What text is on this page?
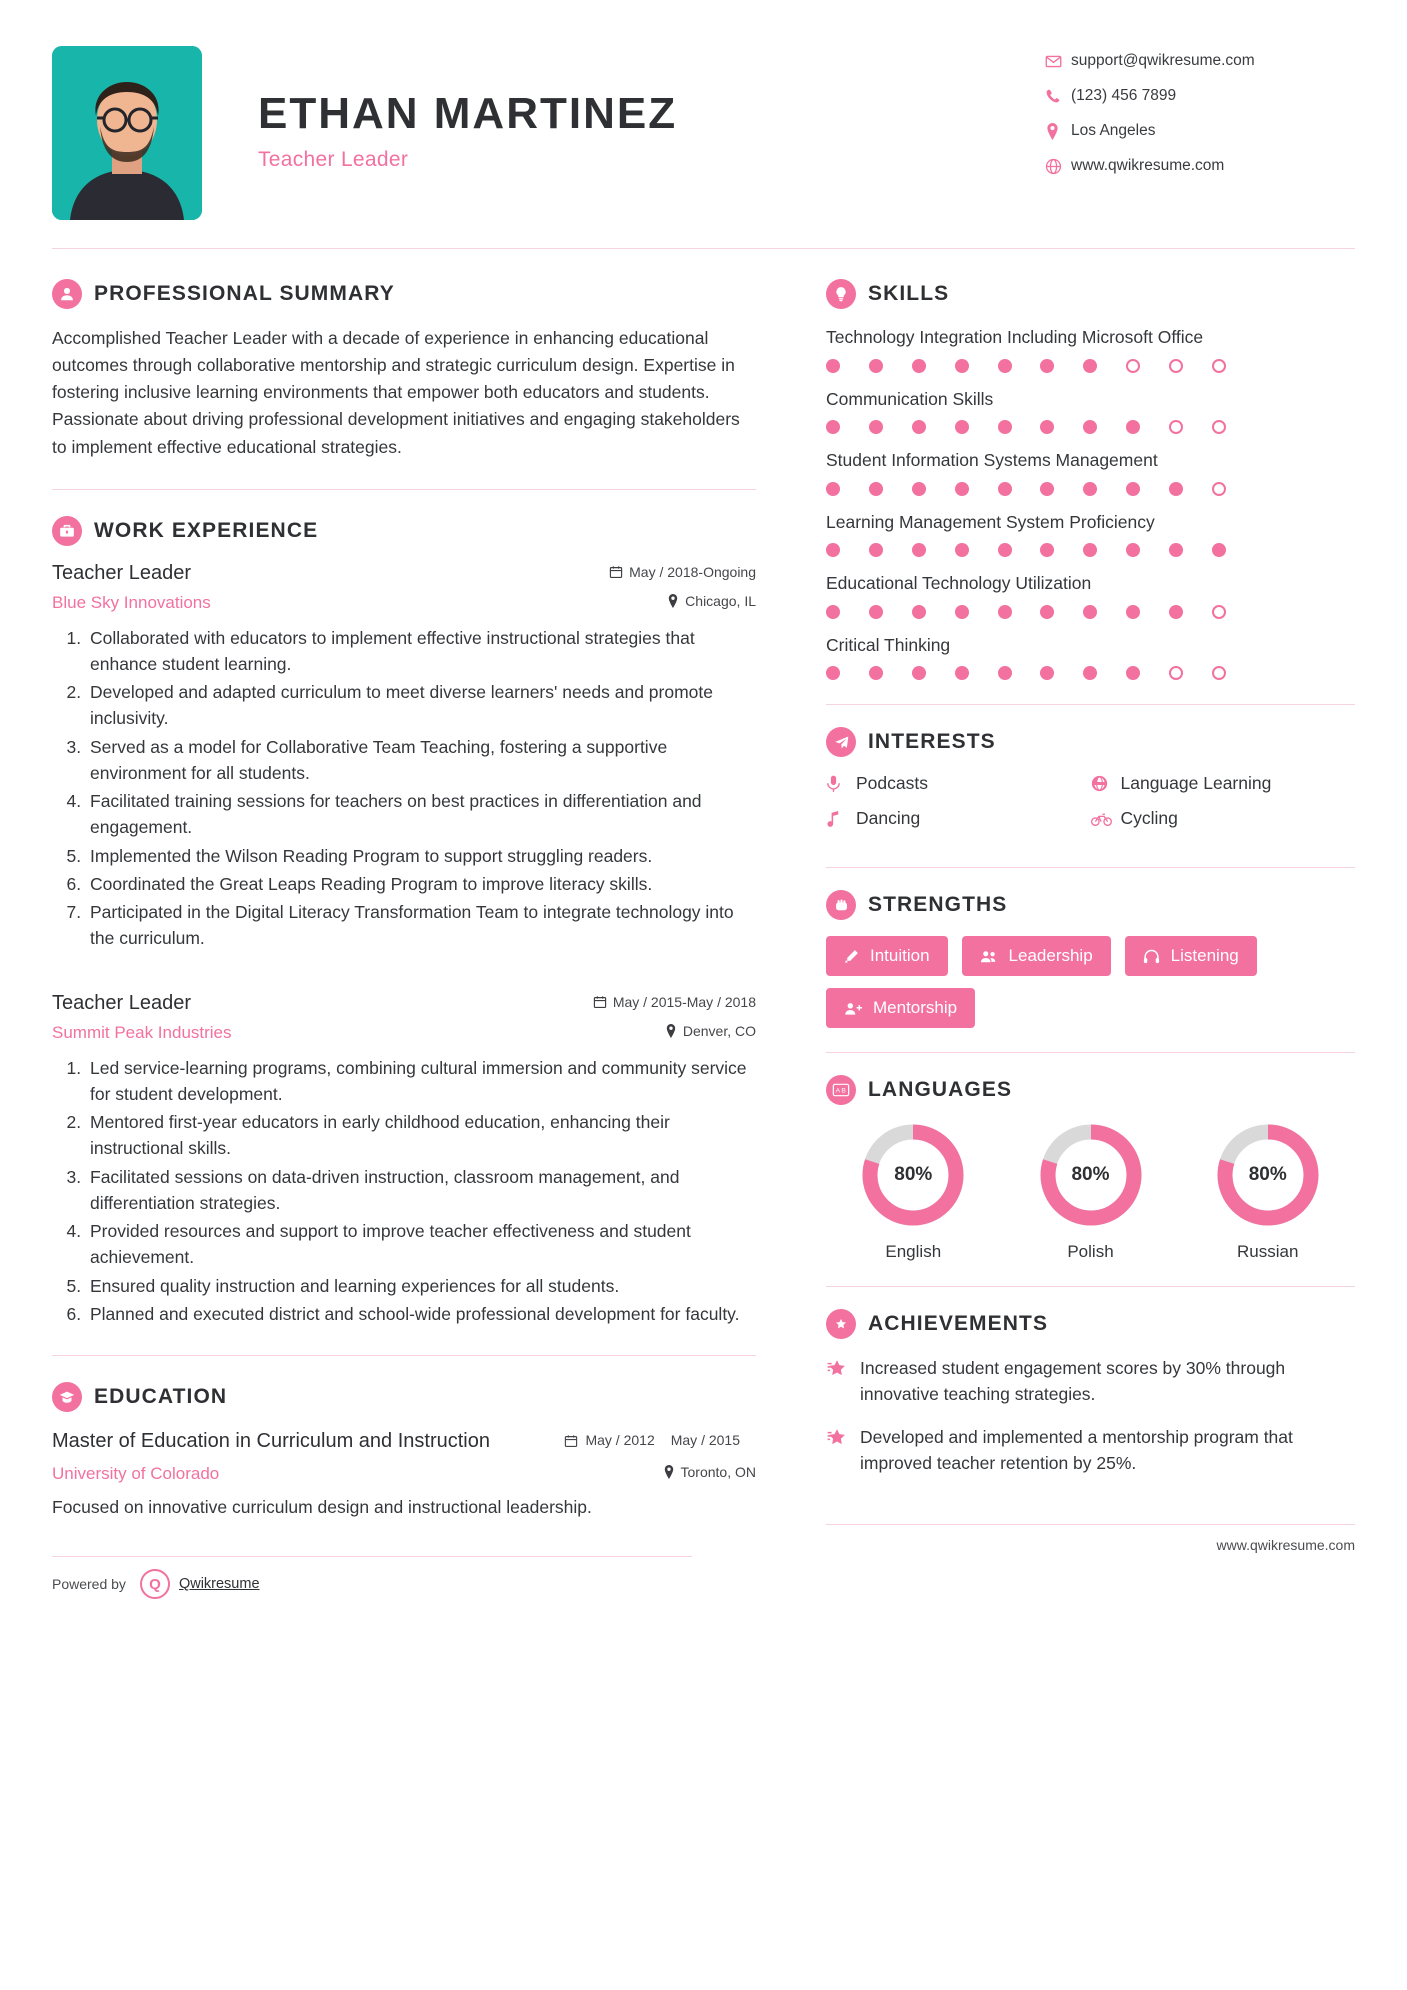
ETHAN MARTINEZ
Teacher Leader
support@qwikresume.com
(123) 456 7899
Los Angeles
www.qwikresume.com
PROFESSIONAL SUMMARY
Accomplished Teacher Leader with a decade of experience in enhancing educational outcomes through collaborative mentorship and strategic curriculum design. Expertise in fostering inclusive learning environments that empower both educators and students. Passionate about driving professional development initiatives and engaging stakeholders to implement effective educational strategies.
WORK EXPERIENCE
Teacher Leader	May / 2018-Ongoing
Blue Sky Innovations	Chicago, IL
1. Collaborated with educators to implement effective instructional strategies that enhance student learning.
2. Developed and adapted curriculum to meet diverse learners' needs and promote inclusivity.
3. Served as a model for Collaborative Team Teaching, fostering a supportive environment for all students.
4. Facilitated training sessions for teachers on best practices in differentiation and engagement.
5. Implemented the Wilson Reading Program to support struggling readers.
6. Coordinated the Great Leaps Reading Program to improve literacy skills.
7. Participated in the Digital Literacy Transformation Team to integrate technology into the curriculum.
Teacher Leader	May / 2015-May / 2018
Summit Peak Industries	Denver, CO
1. Led service-learning programs, combining cultural immersion and community service for student development.
2. Mentored first-year educators in early childhood education, enhancing their instructional skills.
3. Facilitated sessions on data-driven instruction, classroom management, and differentiation strategies.
4. Provided resources and support to improve teacher effectiveness and student achievement.
5. Ensured quality instruction and learning experiences for all students.
6. Planned and executed district and school-wide professional development for faculty.
EDUCATION
Master of Education in Curriculum and Instruction	May / 2012 May / 2015
University of Colorado	Toronto, ON
Focused on innovative curriculum design and instructional leadership.
Powered by	Q	Qwikresume
SKILLS
Technology Integration Including Microsoft Office
Communication Skills
Student Information Systems Management
Learning Management System Proficiency
Educational Technology Utilization
Critical Thinking
INTERESTS
Podcasts	Language Learning
Dancing	Cycling
STRENGTHS
Intuition	Leadership	Listening
Mentorship
A B LANGUAGES
80%
English
80%
Polish
80%
Russian
ACHIEVEMENTS
Increased student engagement scores by 30% through innovative teaching strategies.
Developed and implemented a mentorship program that improved teacher retention by 25%.
www.qwikresume.com
